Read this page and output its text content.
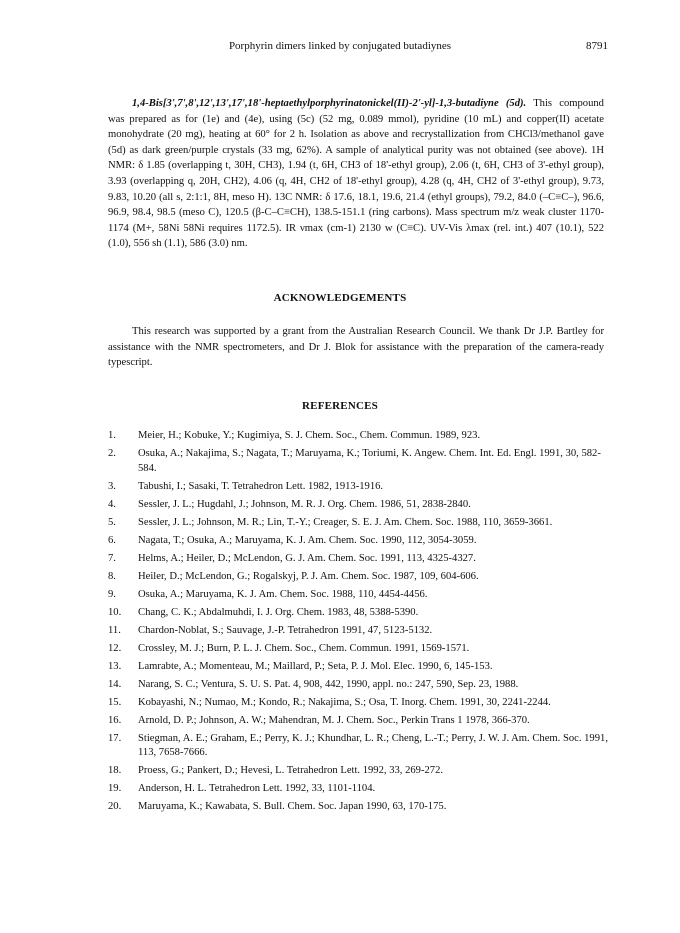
Porphyrin dimers linked by conjugated butadiynes	8791

1,4-Bis[3',7',8',12',13',17',18'-heptaethylporphyrinatonickel(II)-2'-yl]-1,3-butadiyne (5d). This compound was prepared as for (1e) and (4e), using (5c) (52 mg, 0.089 mmol), pyridine (10 mL) and copper(II) acetate monohydrate (20 mg), heating at 60° for 2 h. Isolation as above and recrystallization from CHCl3/methanol gave (5d) as dark green/purple crystals (33 mg, 62%). A sample of analytical purity was not obtained (see above). 1H NMR: δ 1.85 (overlapping t, 30H, CH3), 1.94 (t, 6H, CH3 of 18'-ethyl group), 2.06 (t, 6H, CH3 of 3'-ethyl group), 3.93 (overlapping q, 20H, CH2), 4.06 (q, 4H, CH2 of 18'-ethyl group), 4.28 (q, 4H, CH2 of 3'-ethyl group), 9.73, 9.83, 10.20 (all s, 2:1:1, 8H, meso H). 13C NMR: δ 17.6, 18.1, 19.6, 21.4 (ethyl groups), 79.2, 84.0 (–C≡C–), 96.6, 96.9, 98.4, 98.5 (meso C), 120.5 (β-C–C≡CH), 138.5-151.1 (ring carbons). Mass spectrum m/z weak cluster 1170-1174 (M+, 58Ni 58Ni requires 1172.5). IR νmax (cm-1) 2130 w (C≡C). UV-Vis λmax (rel. int.) 407 (10.1), 522 (1.0), 556 sh (1.1), 586 (3.0) nm.

ACKNOWLEDGEMENTS

This research was supported by a grant from the Australian Research Council. We thank Dr J.P. Bartley for assistance with the NMR spectrometers, and Dr J. Blok for assistance with the preparation of the camera-ready typescript.

REFERENCES
1. Meier, H.; Kobuke, Y.; Kugimiya, S. J. Chem. Soc., Chem. Commun. 1989, 923.
2. Osuka, A.; Nakajima, S.; Nagata, T.; Maruyama, K.; Toriumi, K. Angew. Chem. Int. Ed. Engl. 1991, 30, 582-584.
3. Tabushi, I.; Sasaki, T. Tetrahedron Lett. 1982, 1913-1916.
4. Sessler, J. L.; Hugdahl, J.; Johnson, M. R. J. Org. Chem. 1986, 51, 2838-2840.
5. Sessler, J. L.; Johnson, M. R.; Lin, T.-Y.; Creager, S. E. J. Am. Chem. Soc. 1988, 110, 3659-3661.
6. Nagata, T.; Osuka, A.; Maruyama, K. J. Am. Chem. Soc. 1990, 112, 3054-3059.
7. Helms, A.; Heiler, D.; McLendon, G. J. Am. Chem. Soc. 1991, 113, 4325-4327.
8. Heiler, D.; McLendon, G.; Rogalskyj, P. J. Am. Chem. Soc. 1987, 109, 604-606.
9. Osuka, A.; Maruyama, K. J. Am. Chem. Soc. 1988, 110, 4454-4456.
10. Chang, C. K.; Abdalmuhdi, I. J. Org. Chem. 1983, 48, 5388-5390.
11. Chardon-Noblat, S.; Sauvage, J.-P. Tetrahedron 1991, 47, 5123-5132.
12. Crossley, M. J.; Burn, P. L. J. Chem. Soc., Chem. Commun. 1991, 1569-1571.
13. Lamrabte, A.; Momenteau, M.; Maillard, P.; Seta, P. J. Mol. Elec. 1990, 6, 145-153.
14. Narang, S. C.; Ventura, S. U. S. Pat. 4, 908, 442, 1990, appl. no.: 247, 590, Sep. 23, 1988.
15. Kobayashi, N.; Numao, M.; Kondo, R.; Nakajima, S.; Osa, T. Inorg. Chem. 1991, 30, 2241-2244.
16. Arnold, D. P.; Johnson, A. W.; Mahendran, M. J. Chem. Soc., Perkin Trans 1 1978, 366-370.
17. Stiegman, A. E.; Graham, E.; Perry, K. J.; Khundhar, L. R.; Cheng, L.-T.; Perry, J. W. J. Am. Chem. Soc. 1991, 113, 7658-7666.
18. Proess, G.; Pankert, D.; Hevesi, L. Tetrahedron Lett. 1992, 33, 269-272.
19. Anderson, H. L. Tetrahedron Lett. 1992, 33, 1101-1104.
20. Maruyama, K.; Kawabata, S. Bull. Chem. Soc. Japan 1990, 63, 170-175.
